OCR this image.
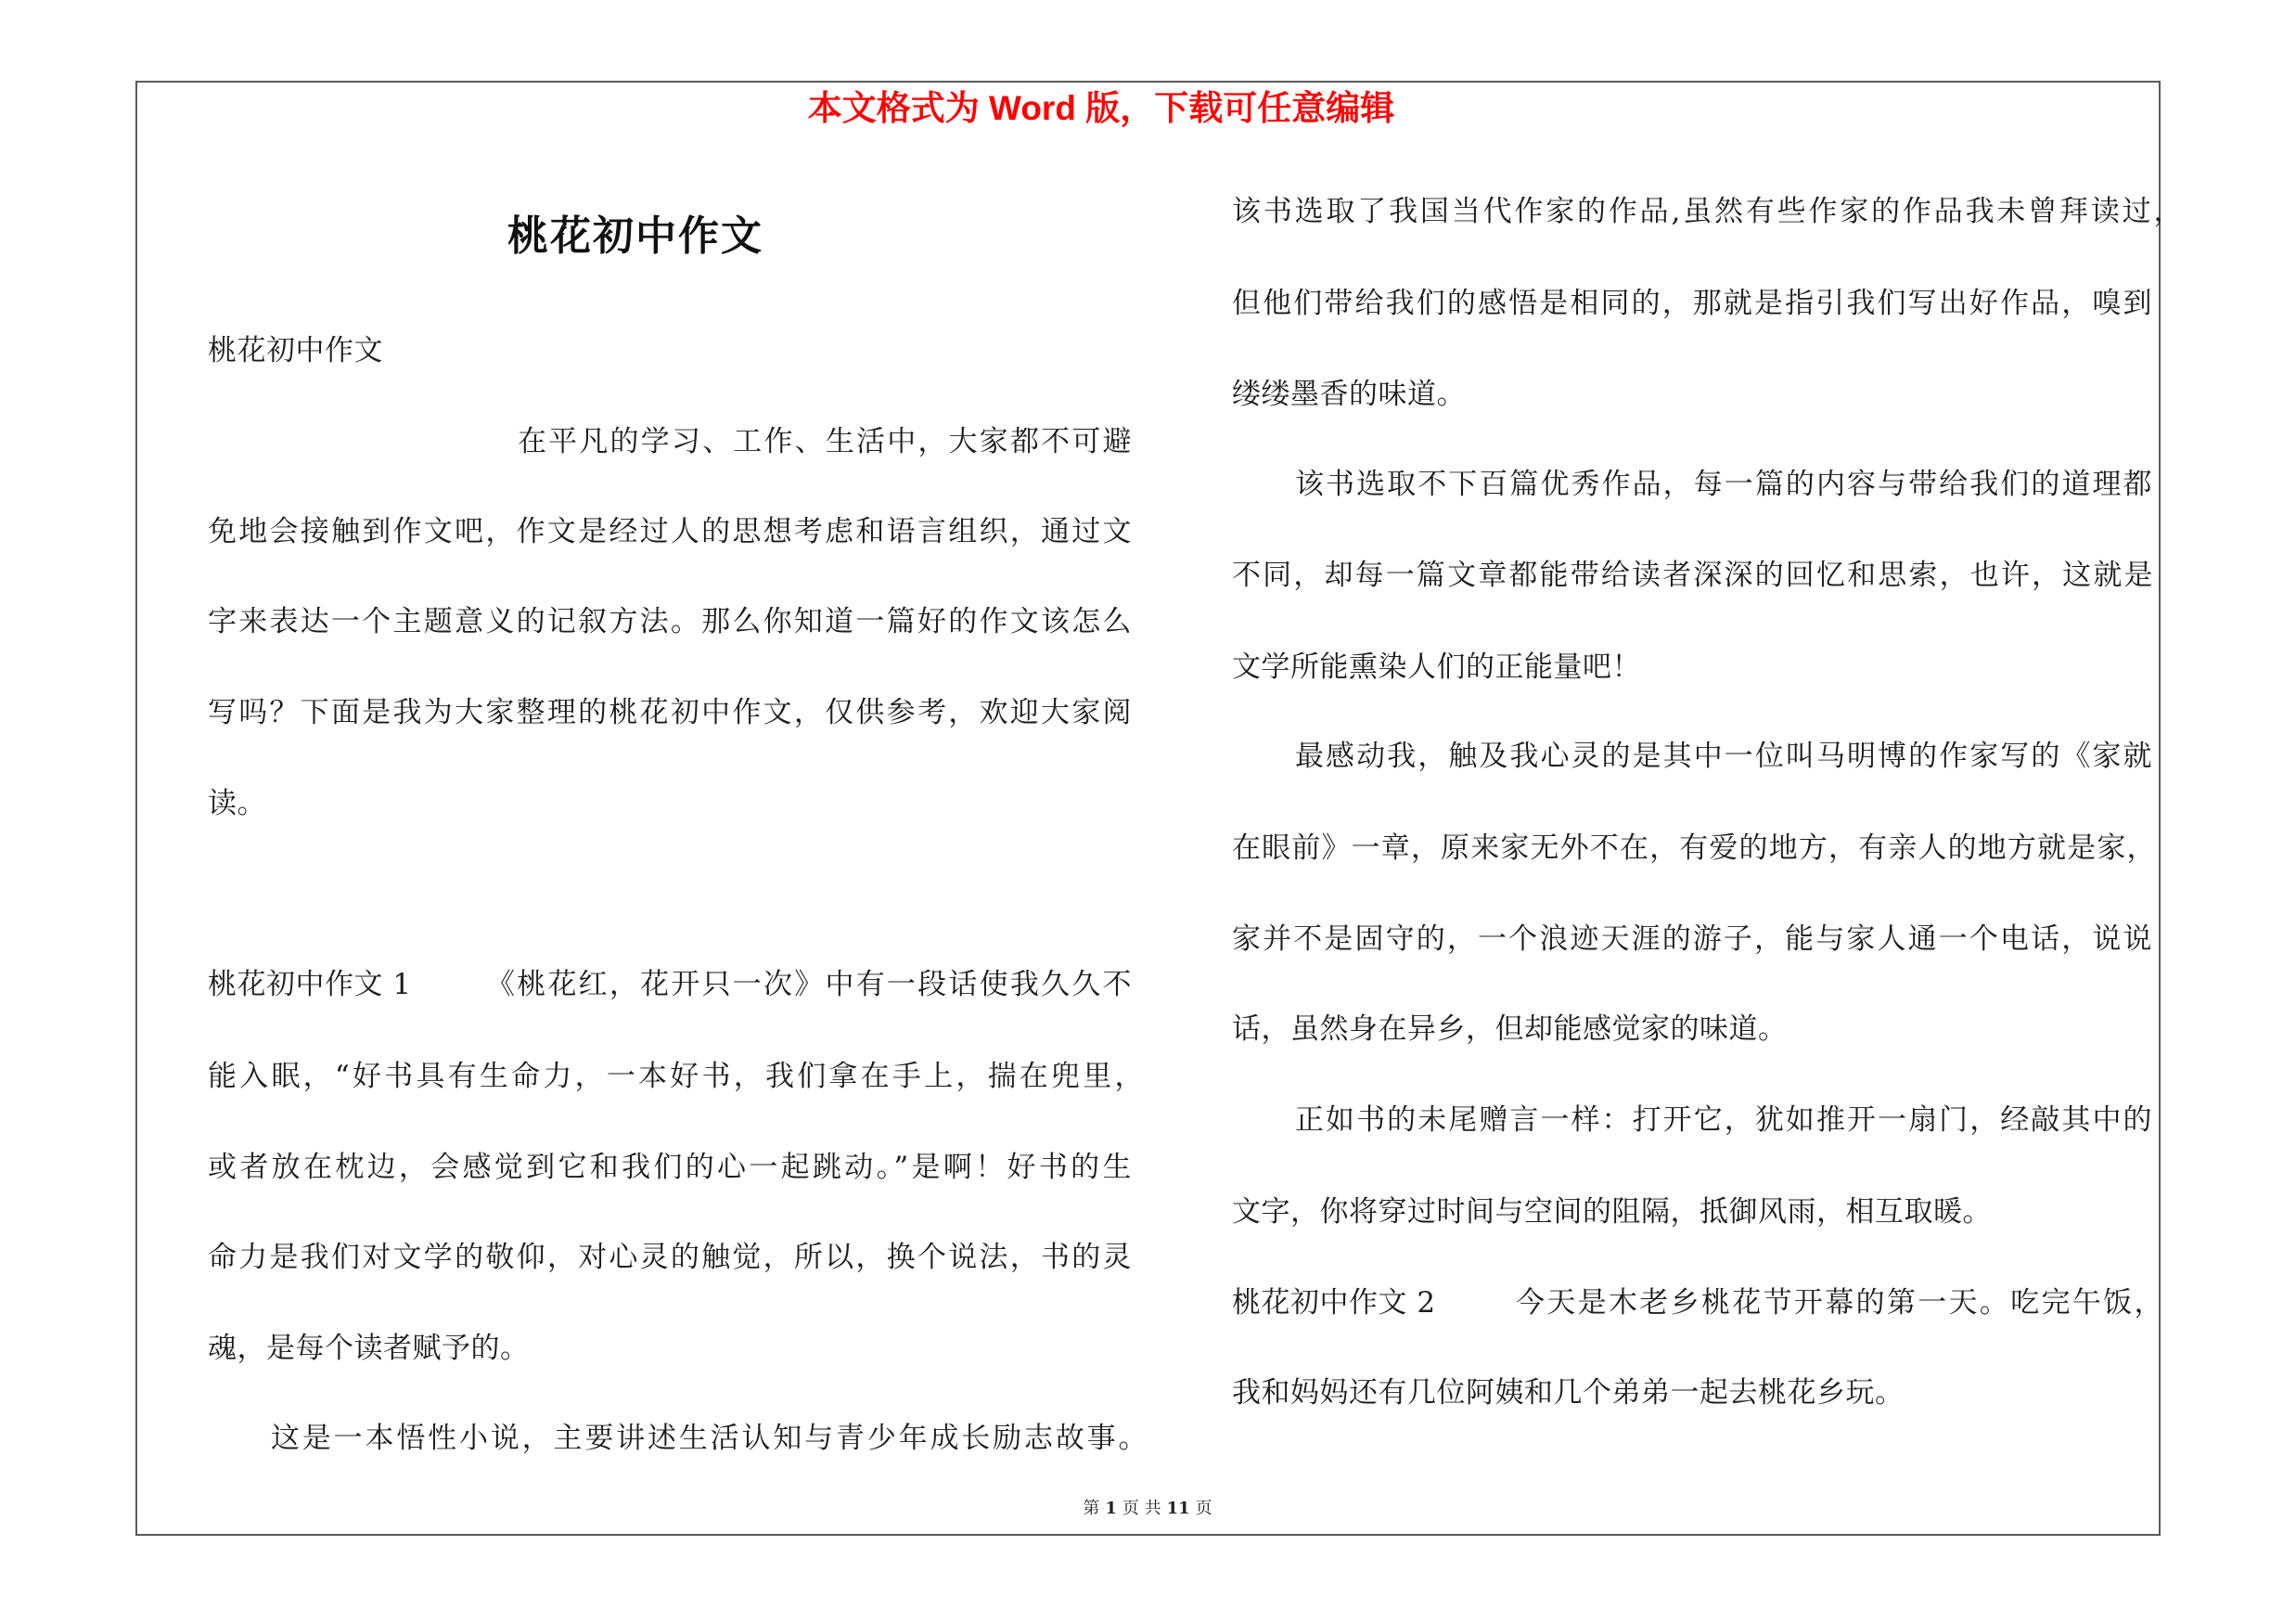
本文格式为 Word 版，下载可任意编辑
桃花初中作文
桃花初中作文
在平凡的学习、工作、生活中，大家都不可避
免地会接触到作文吧，作文是经过人的思想考虑和语言组织，通过文
字来表达一个主题意义的记叙方法。那么你知道一篇好的作文该怎么
写吗？下面是我为大家整理的桃花初中作文，仅供参考，欢迎大家阅
读。
桃花初中作文 1	《桃花红，花开只一次》中有一段话使我久久不
能入眠，“好书具有生命力，一本好书，我们拿在手上，揣在兜里，
或者放在枕边，会感觉到它和我们的心一起跳动。”是啊！好书的生
命力是我们对文学的敬仰，对心灵的触觉，所以，换个说法，书的灵
魂，是每个读者赋予的。
这是一本悟性小说，主要讲述生活认知与青少年成长励志故事。
该书选取了我国当代作家的作品,虽然有些作家的作品我未曾拜读过，
但他们带给我们的感悟是相同的，那就是指引我们写出好作品，嗅到
缕缕墨香的味道。
该书选取不下百篇优秀作品，每一篇的内容与带给我们的道理都
不同，却每一篇文章都能带给读者深深的回忆和思索，也许，这就是
文学所能熏染人们的正能量吧！
最感动我，触及我心灵的是其中一位叫马明博的作家写的《家就
在眼前》一章，原来家无外不在，有爱的地方，有亲人的地方就是家，
家并不是固守的，一个浪迹天涯的游子，能与家人通一个电话，说说
话，虽然身在异乡，但却能感觉家的味道。
正如书的未尾赠言一样：打开它，犹如推开一扇门，经敲其中的
文字，你将穿过时间与空间的阻隔，抵御风雨，相互取暖。
桃花初中作文 2	今天是木老乡桃花节开幕的第一天。吃完午饭，
我和妈妈还有几位阿姨和几个弟弟一起去桃花乡玩。
第 1 页 共 11 页
